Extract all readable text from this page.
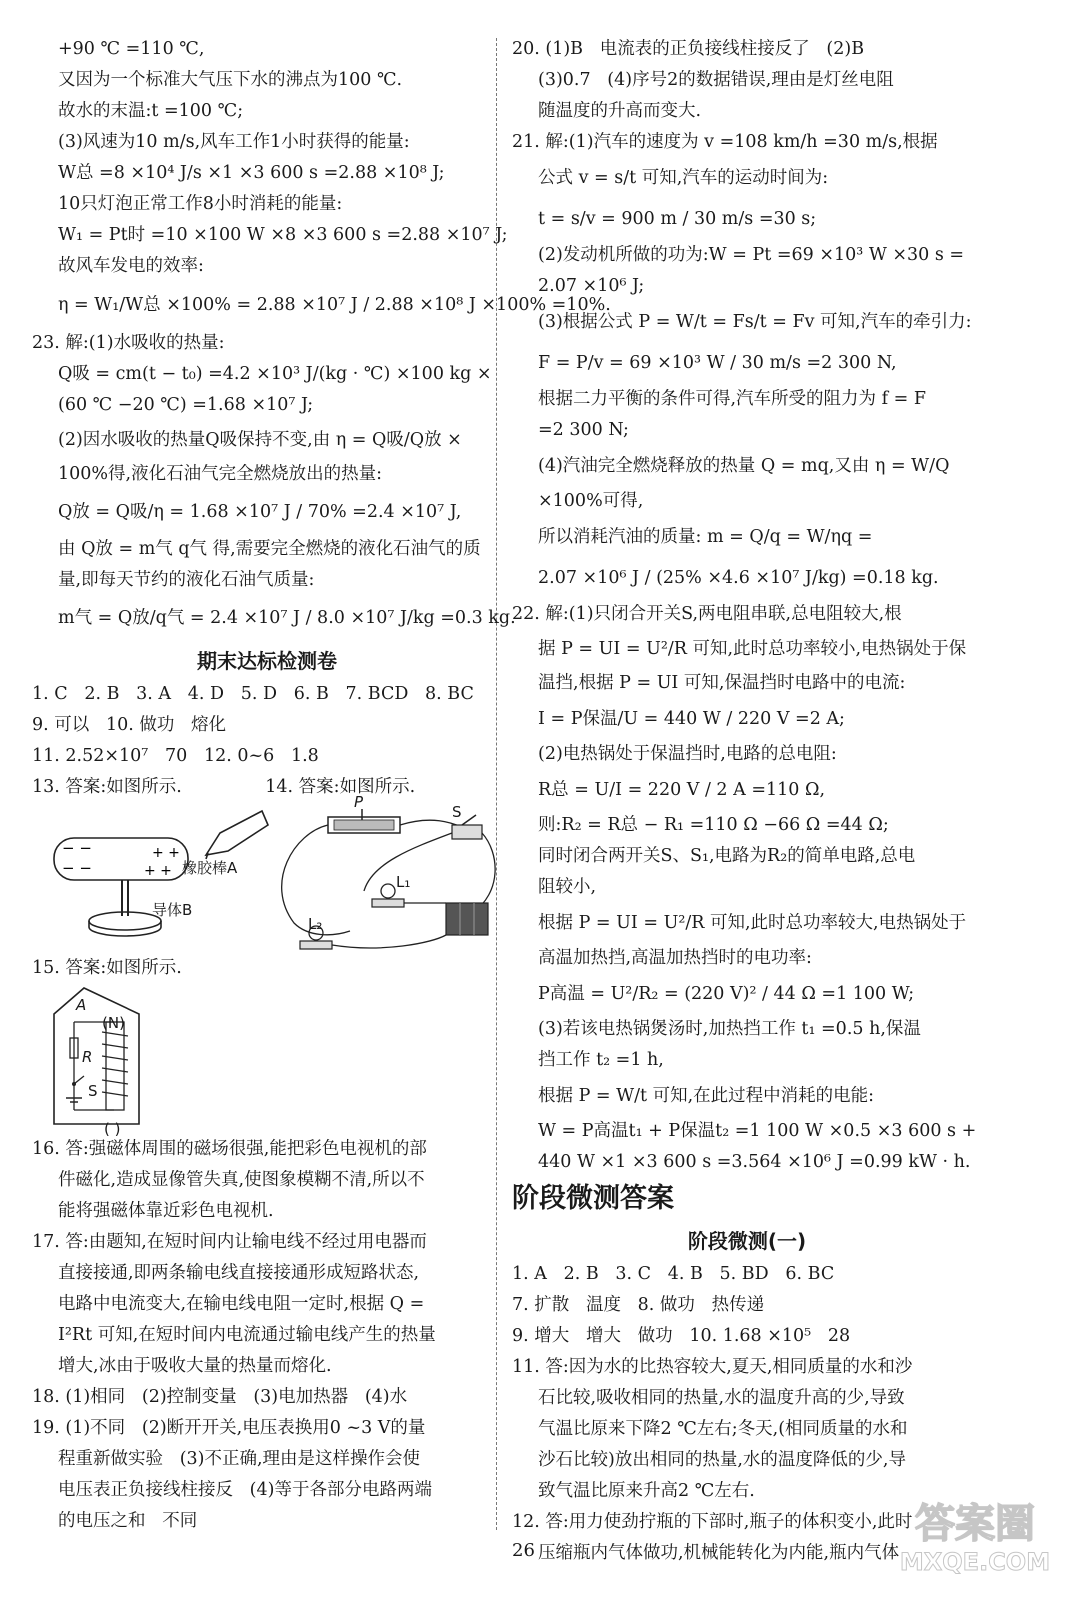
+90 ℃ =110 ℃,
又因为一个标准大气压下水的沸点为100 ℃.
故水的末温:t =100 ℃;
(3)风速为10 m/s,风车工作1小时获得的能量:
W总 =8 ×10⁴ J/s ×1 ×3 600 s =2.88 ×10⁸ J;
10只灯泡正常工作8小时消耗的能量:
W₁ = Pt时 =10 ×100 W ×8 ×3 600 s =2.88 ×10⁷ J;
故风车发电的效率:
η = W₁/W总 ×100% = 2.88 ×10⁷ J / 2.88 ×10⁸ J ×100% =10%.
23. 解:(1)水吸收的热量:
Q吸 = cm(t − t₀) =4.2 ×10³ J/(kg · ℃) ×100 kg ×
(60 ℃ −20 ℃) =1.68 ×10⁷ J;
(2)因水吸收的热量Q吸保持不变,由 η = Q吸/Q放 ×
100%得,液化石油气完全燃烧放出的热量:
Q放 = Q吸/η = 1.68 ×10⁷ J / 70% =2.4 ×10⁷ J,
由 Q放 = m气 q气 得,需要完全燃烧的液化石油气的质
量,即每天节约的液化石油气质量:
m气 = Q放/q气 = 2.4 ×10⁷ J / 8.0 ×10⁷ J/kg =0.3 kg.
期末达标检测卷
1. C   2. B   3. A   4. D   5. D   6. B   7. BCD   8. BC
9. 可以   10. 做功   熔化
11. 2.52×10⁷   70   12. 0~6   1.8
13. 答案:如图所示.               14. 答案:如图所示.
− −
− −
+ +
+ + 橡胶棒A
导体B
P
S
L₁
L₂
15. 答案:如图所示.
A
(N)
R
S
( )
16. 答:强磁体周围的磁场很强,能把彩色电视机的部
件磁化,造成显像管失真,使图象模糊不清,所以不
能将强磁体靠近彩色电视机.
17. 答:由题知,在短时间内让输电线不经过用电器而
直接接通,即两条输电线直接接通形成短路状态,
电路中电流变大,在输电线电阻一定时,根据 Q =
I²Rt 可知,在短时间内电流通过输电线产生的热量
增大,冰由于吸收大量的热量而熔化.
18. (1)相同   (2)控制变量   (3)电加热器   (4)水
19. (1)不同   (2)断开开关,电压表换用0 ~3 V的量
程重新做实验   (3)不正确,理由是这样操作会使
电压表正负接线柱接反   (4)等于各部分电路两端
的电压之和   不同
20. (1)B   电流表的正负接线柱接反了   (2)B
(3)0.7   (4)序号2的数据错误,理由是灯丝电阻
随温度的升高而变大.
21. 解:(1)汽车的速度为 v =108 km/h =30 m/s,根据
公式 v = s/t 可知,汽车的运动时间为:
t = s/v = 900 m / 30 m/s =30 s;
(2)发动机所做的功为:W = Pt =69 ×10³ W ×30 s =
2.07 ×10⁶ J;
(3)根据公式 P = W/t = Fs/t = Fv 可知,汽车的牵引力:
F = P/v = 69 ×10³ W / 30 m/s =2 300 N,
根据二力平衡的条件可得,汽车所受的阻力为 f = F
=2 300 N;
(4)汽油完全燃烧释放的热量 Q = mq,又由 η = W/Q
×100%可得,
所以消耗汽油的质量: m = Q/q = W/ηq =
2.07 ×10⁶ J / (25% ×4.6 ×10⁷ J/kg) =0.18 kg.
22. 解:(1)只闭合开关S,两电阻串联,总电阻较大,根
据 P = UI = U²/R 可知,此时总功率较小,电热锅处于保
温挡,根据 P = UI 可知,保温挡时电路中的电流:
I = P保温/U = 440 W / 220 V =2 A;
(2)电热锅处于保温挡时,电路的总电阻:
R总 = U/I = 220 V / 2 A =110 Ω,
则:R₂ = R总 − R₁ =110 Ω −66 Ω =44 Ω;
同时闭合两开关S、S₁,电路为R₂的简单电路,总电
阻较小,
根据 P = UI = U²/R 可知,此时总功率较大,电热锅处于
高温加热挡,高温加热挡时的电功率:
P高温 = U²/R₂ = (220 V)² / 44 Ω =1 100 W;
(3)若该电热锅煲汤时,加热挡工作 t₁ =0.5 h,保温
挡工作 t₂ =1 h,
根据 P = W/t 可知,在此过程中消耗的电能:
W = P高温t₁ + P保温t₂ =1 100 W ×0.5 ×3 600 s +
440 W ×1 ×3 600 s =3.564 ×10⁶ J =0.99 kW · h.
阶段微测答案
阶段微测(一)
1. A   2. B   3. C   4. B   5. BD   6. BC
7. 扩散   温度   8. 做功   热传递
9. 增大   增大   做功   10. 1.68 ×10⁵   28
11. 答:因为水的比热容较大,夏天,相同质量的水和沙
石比较,吸收相同的热量,水的温度升高的少,导致
气温比原来下降2 ℃左右;冬天,(相同质量的水和
沙石比较)放出相同的热量,水的温度降低的少,导
致气温比原来升高2 ℃左右.
12. 答:用力使劲拧瓶的下部时,瓶子的体积变小,此时
压缩瓶内气体做功,机械能转化为内能,瓶内气体
26
答案圈
MXQE.COM
